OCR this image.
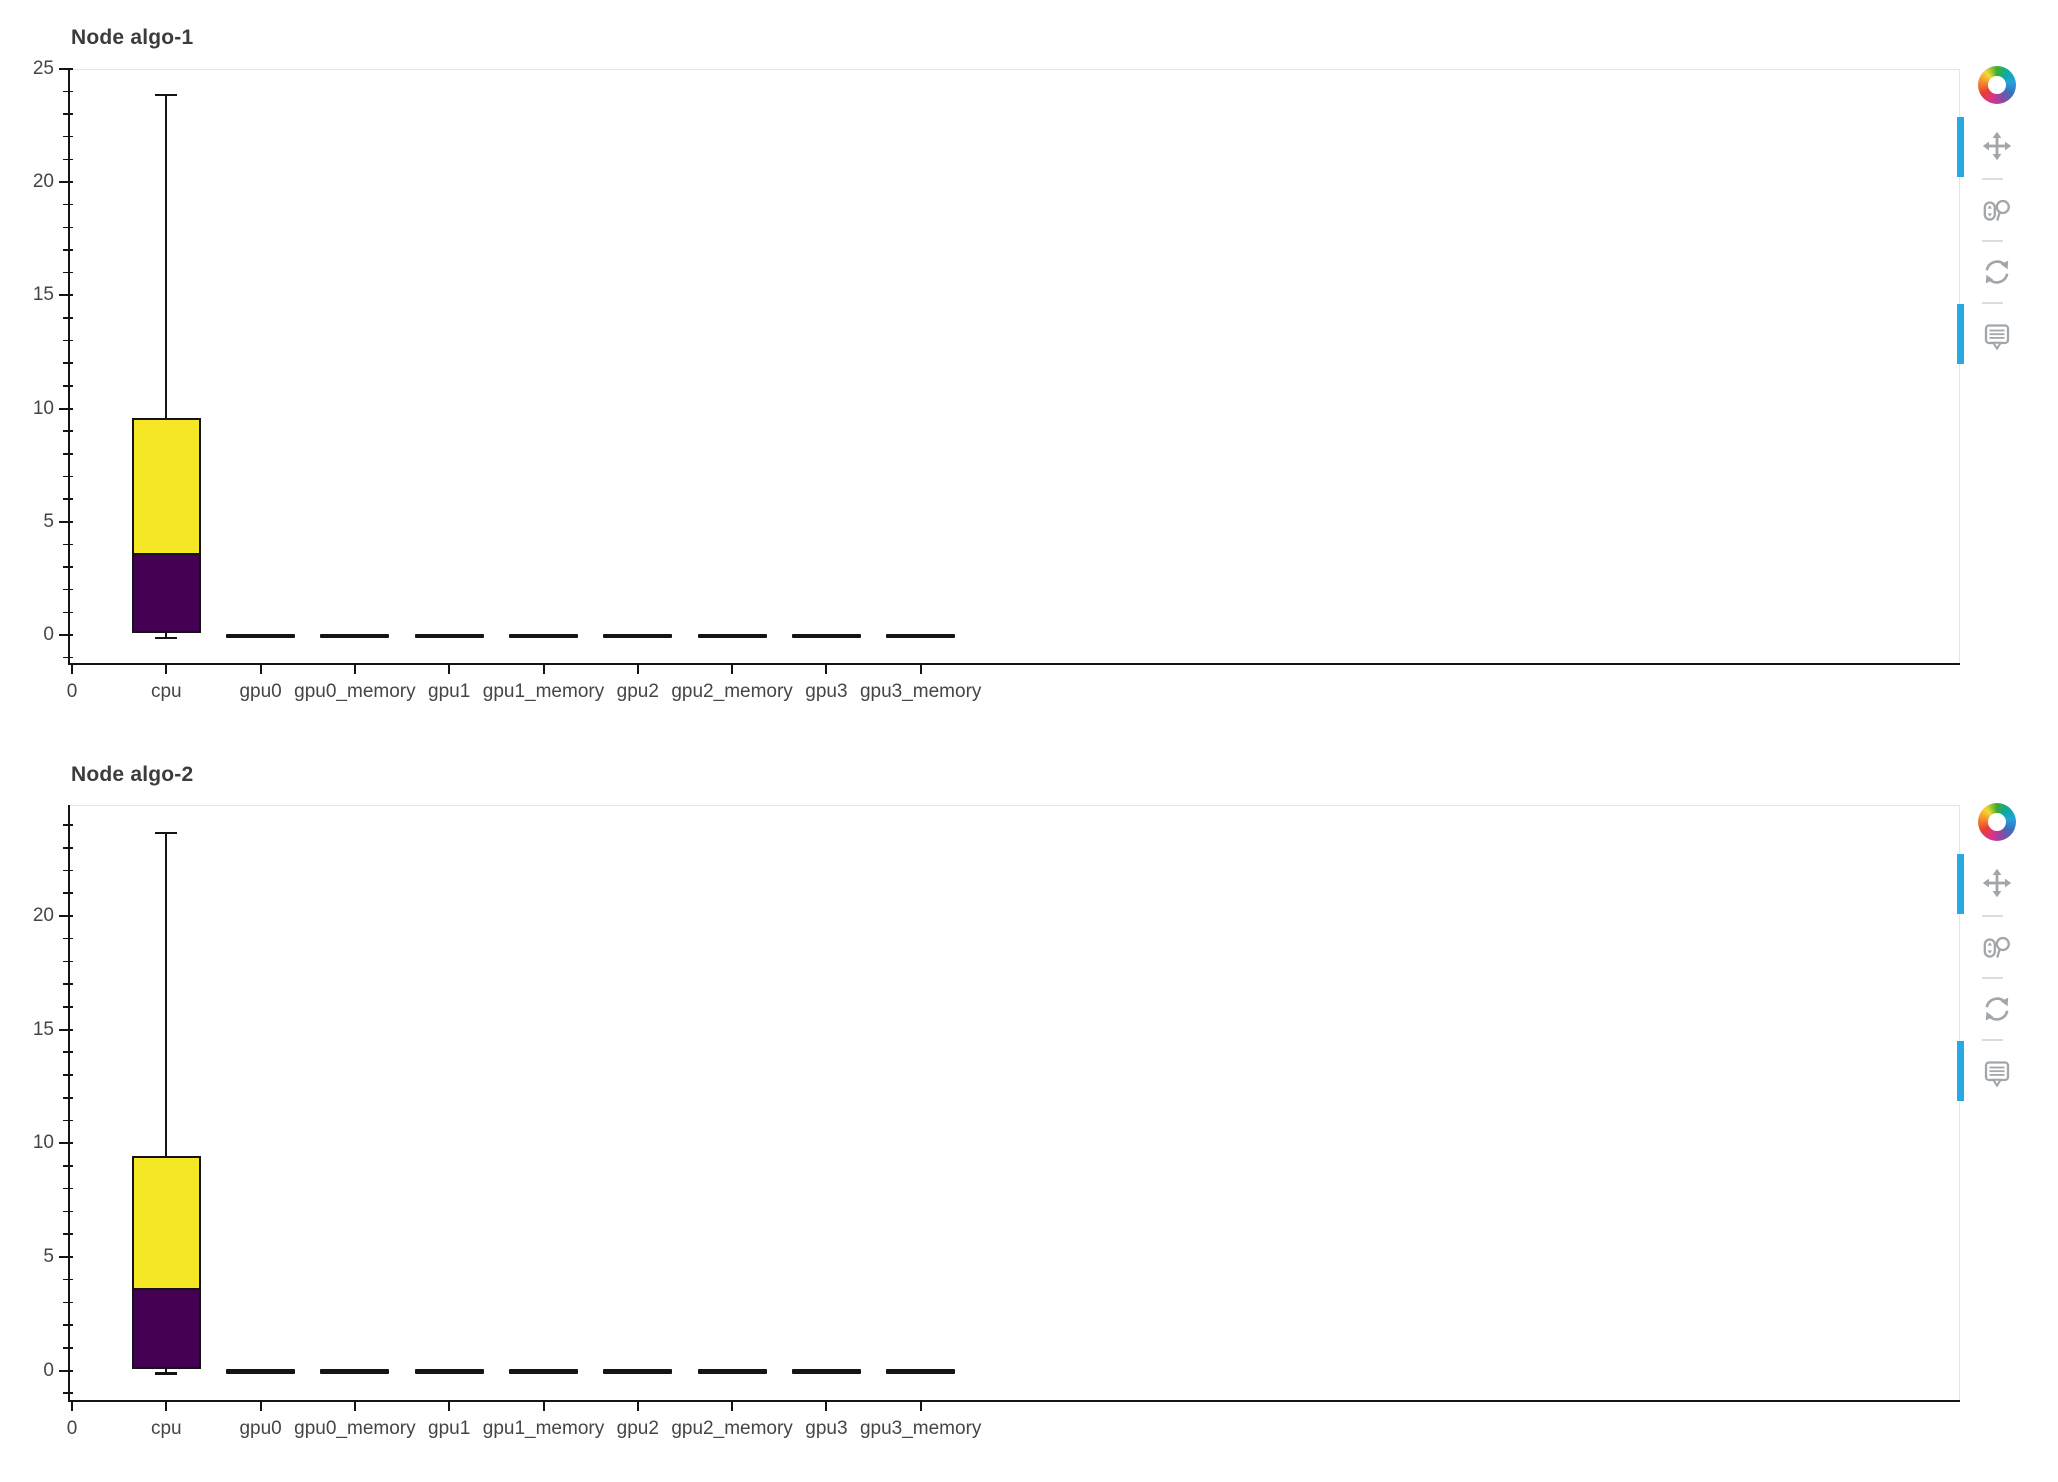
Node algo-1
0
5
10
15
20
25
0	cpu	gpu0 gpu0_memory gpu1 gpu1_memory gpu2 gpu2_memory gpu3 gpu3_memory
Node algo-2
0
5
10
15
20
0	cpu	gpu0 gpu0_memory gpu1 gpu1_memory gpu2 gpu2_memory gpu3 gpu3_memory
